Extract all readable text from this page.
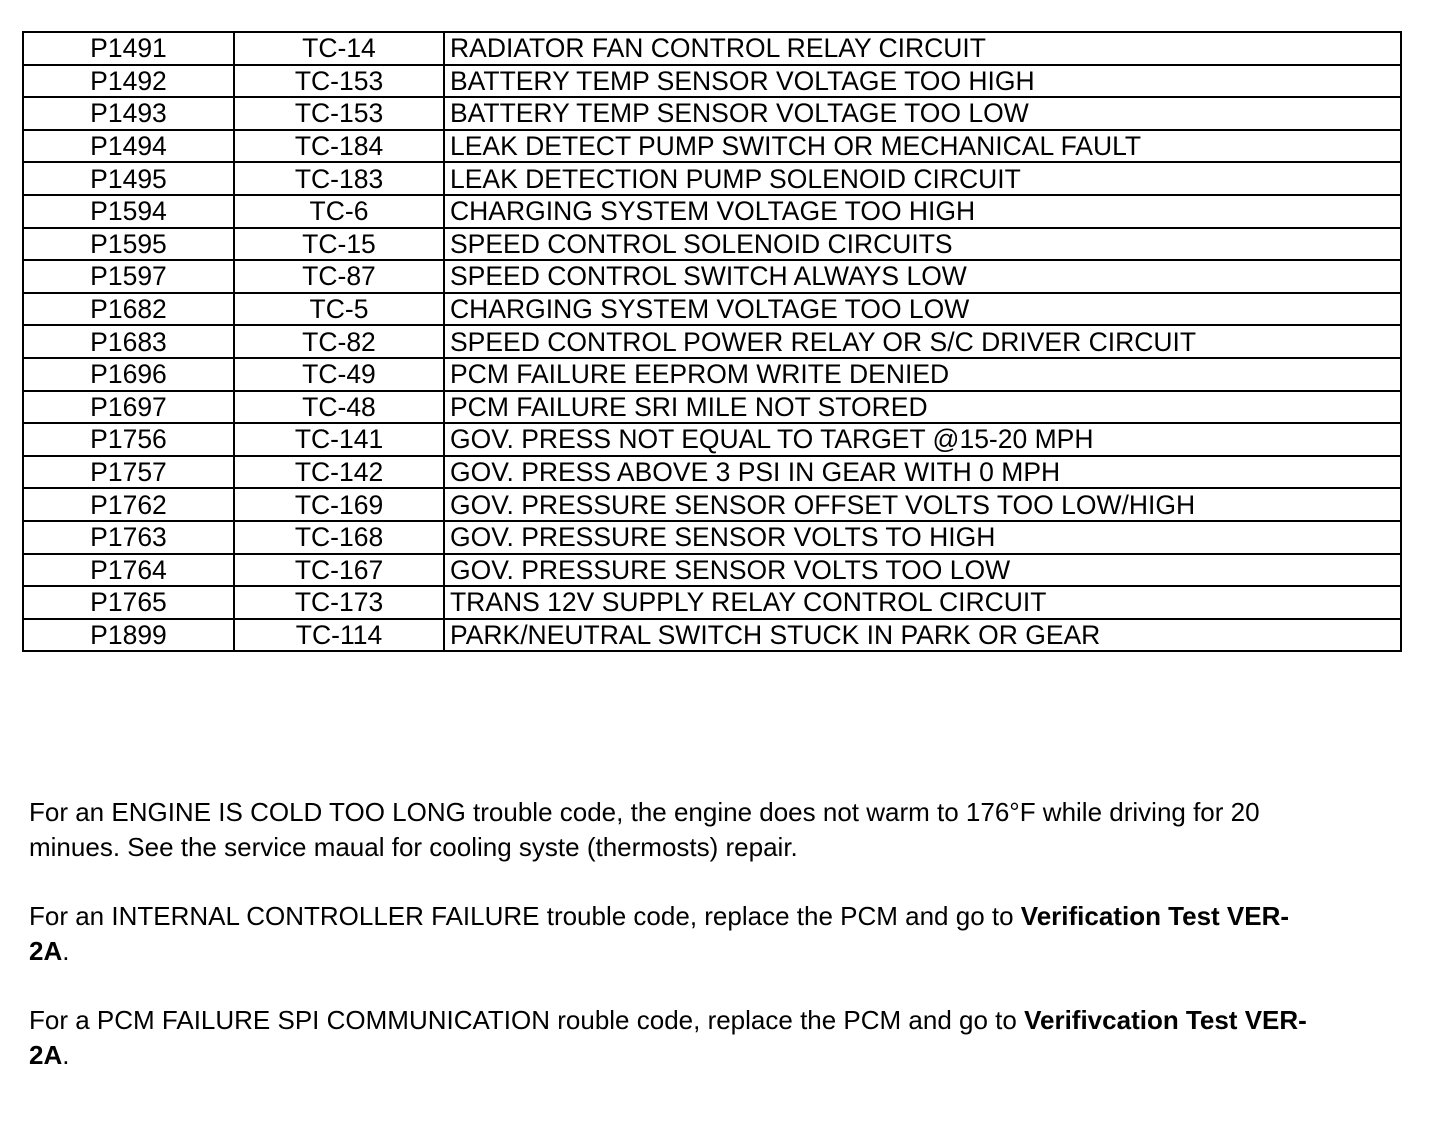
P1491	TC-14	RADIATOR FAN CONTROL RELAY CIRCUIT
P1492	TC-153	BATTERY TEMP SENSOR VOLTAGE TOO HIGH
P1493	TC-153	BATTERY TEMP SENSOR VOLTAGE TOO LOW
P1494	TC-184	LEAK DETECT PUMP SWITCH OR MECHANICAL FAULT
P1495	TC-183	LEAK DETECTION PUMP SOLENOID CIRCUIT
P1594	TC-6	CHARGING SYSTEM VOLTAGE TOO HIGH
P1595	TC-15	SPEED CONTROL SOLENOID CIRCUITS
P1597	TC-87	SPEED CONTROL SWITCH ALWAYS LOW
P1682	TC-5	CHARGING SYSTEM VOLTAGE TOO LOW
P1683	TC-82	SPEED CONTROL POWER RELAY OR S/C DRIVER CIRCUIT
P1696	TC-49	PCM FAILURE EEPROM WRITE DENIED
P1697	TC-48	PCM FAILURE SRI MILE NOT STORED
P1756	TC-141	GOV. PRESS NOT EQUAL TO TARGET @15-20 MPH
P1757	TC-142	GOV. PRESS ABOVE 3 PSI IN GEAR WITH 0 MPH
P1762	TC-169	GOV. PRESSURE SENSOR OFFSET VOLTS TOO LOW/HIGH
P1763	TC-168	GOV. PRESSURE SENSOR VOLTS TO HIGH
P1764	TC-167	GOV. PRESSURE SENSOR VOLTS TOO LOW
P1765	TC-173	TRANS 12V SUPPLY RELAY CONTROL CIRCUIT
P1899	TC-114	PARK/NEUTRAL SWITCH STUCK IN PARK OR GEAR

For an ENGINE IS COLD TOO LONG trouble code, the engine does not warm to 176°F while driving for 20
minues. See the service maual for cooling syste (thermosts) repair.

For an INTERNAL CONTROLLER FAILURE trouble code, replace the PCM and go to Verification Test VER-
2A.

For a PCM FAILURE SPI COMMUNICATION rouble code, replace the PCM and go to Verifivcation Test VER-
2A.
